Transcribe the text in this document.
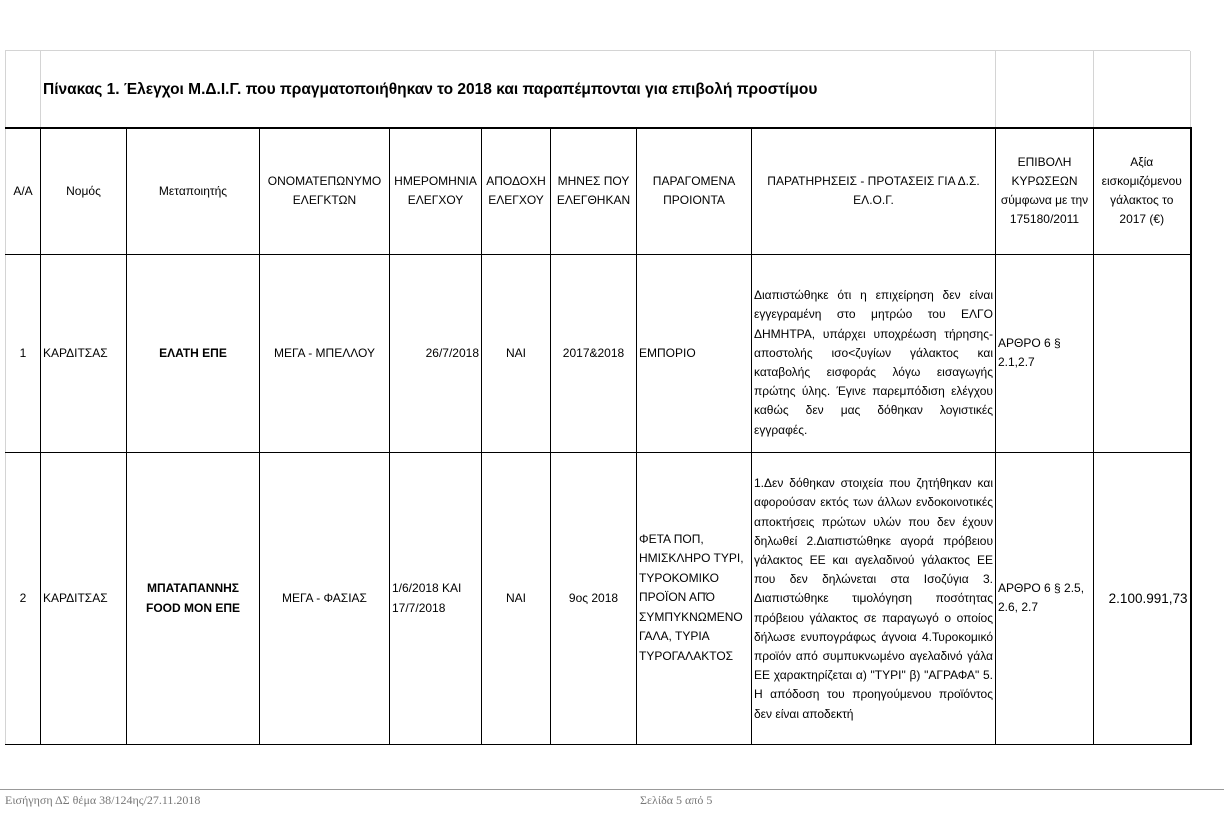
Πίνακας 1. Έλεγχοι Μ.Δ.Ι.Γ. που πραγματοποιήθηκαν το 2018 και παραπέμπονται για επιβολή προστίμου
Α/Α	Νομός	Μεταποιητής	ΟΝΟΜΑΤΕΠΩΝΥΜΟ ΕΛΕΓΚΤΩΝ	ΗΜΕΡΟΜΗΝΙΑ ΕΛΕΓΧΟΥ	ΑΠΟΔΟΧΗ ΕΛΕΓΧΟΥ	ΜΗΝΕΣ ΠΟΥ ΕΛΕΓΘΗΚΑΝ	ΠΑΡΑΓΟΜΕΝΑ ΠΡΟΙΟΝΤΑ	ΠΑΡΑΤΗΡΗΣΕΙΣ - ΠΡΟΤΑΣΕΙΣ ΓΙΑ Δ.Σ. ΕΛ.Ο.Γ.	ΕΠΙΒΟΛΗ ΚΥΡΩΣΕΩΝ σύμφωνα με την 175180/2011	Αξία εισκομιζόμενου γάλακτος το 2017 (€)
1	ΚΑΡΔΙΤΣΑΣ	ΕΛΑΤΗ ΕΠΕ	ΜΕΓΑ - ΜΠΕΛΛΟΥ	26/7/2018	ΝΑΙ	2017&2018	ΕΜΠΟΡΙΟ	Διαπιστώθηκε ότι η επιχείρηση δεν είναι εγγεγραμένη στο μητρώο του ΕΛΓΟ ΔΗΜΗΤΡΑ, υπάρχει υποχρέωση τήρησης-αποστολής ισο<ζυγίων γάλακτος και καταβολής εισφοράς λόγω εισαγωγής πρώτης ύλης. Έγινε παρεμπόδιση ελέγχου καθώς δεν μας δόθηκαν λογιστικές εγγραφές.	ΑΡΘΡΟ 6 § 2.1,2.7	
2	ΚΑΡΔΙΤΣΑΣ	ΜΠΑΤΑΠΑΝΝΗΣ FOOD MON ΕΠΕ	ΜΕΓΑ - ΦΑΣΙΑΣ	1/6/2018 ΚΑΙ 17/7/2018	ΝΑΙ	9ος 2018	ΦΕΤΑ ΠΟΠ, ΗΜΙΣΚΛΗΡΟ ΤΥΡΙ, ΤΥΡΟΚΟΜΙΚΟ ΠΡΟΪΟΝ ΑΠΌ ΣΥΜΠΥΚΝΩΜΕΝΟ ΓΑΛΑ, ΤΥΡΙΑ ΤΥΡΟΓΑΛΑΚΤΟΣ	1.Δεν δόθηκαν στοιχεία που ζητήθηκαν και αφορούσαν εκτός των άλλων ενδοκοινοτικές αποκτήσεις πρώτων υλών που δεν έχουν δηλωθεί 2.Διαπιστώθηκε αγορά πρόβειου γάλακτος ΕΕ και αγελαδινού γάλακτος ΕΕ που δεν δηλώνεται στα Ισοζύγια 3. Διαπιστώθηκε τιμολόγηση ποσότητας πρόβειου γάλακτος σε παραγωγό ο οποίος δήλωσε ενυπογράφως άγνοια 4.Τυροκομικό προϊόν από συμπυκνωμένο αγελαδινό γάλα ΕΕ χαρακτηρίζεται α) "ΤΥΡΙ" β) "ΑΓΡΑΦΑ" 5. Η απόδοση του προηγούμενου προϊόντος δεν είναι αποδεκτή	ΑΡΘΡΟ 6 § 2.5, 2.6, 2.7	2.100.991,73
Εισήγηση ΔΣ θέμα 38/124ης/27.11.2018	Σελίδα 5 από 5
